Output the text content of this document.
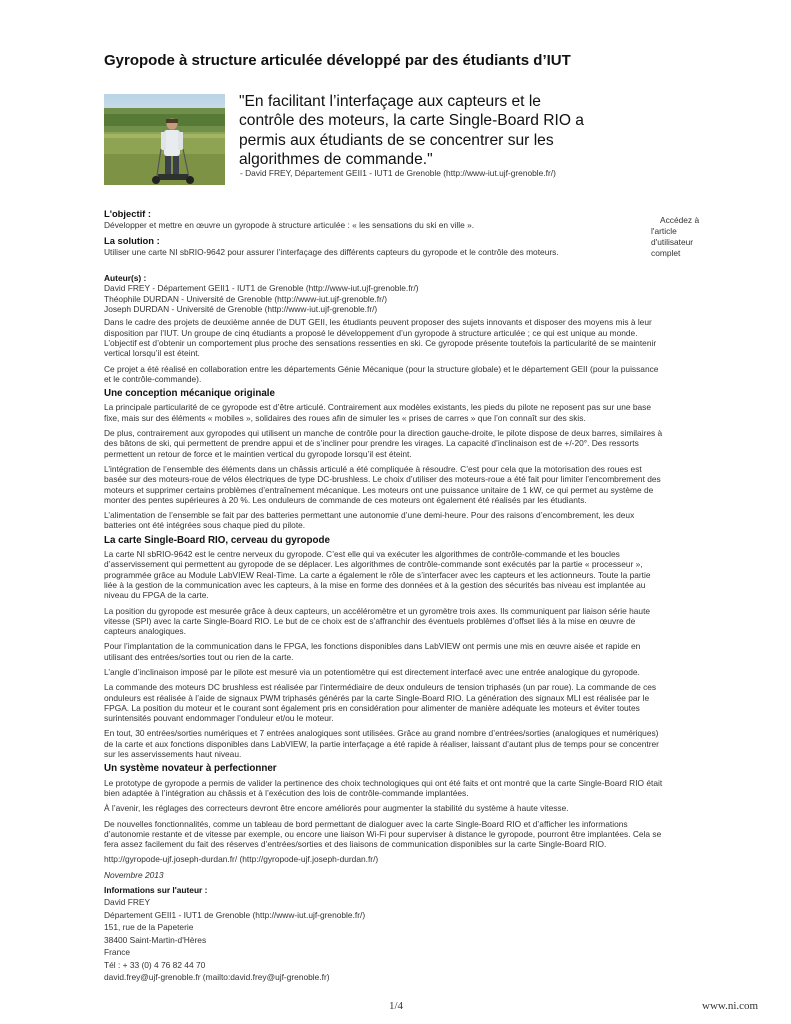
Gyropode à structure articulée développé par des étudiants d’IUT
"En facilitant l’interfaçage aux capteurs et le contrôle des moteurs, la carte Single-Board RIO a permis aux étudiants de se concentrer sur les algorithmes de commande."
- David FREY, Département GEII1 - IUT1 de Grenoble (http://www-iut.ujf-grenoble.fr/)
Accédez à
l'article
d'utilisateur
complet
L'objectif :

Développer et mettre en œuvre un gyropode à structure articulée : « les sensations du ski en ville ».

La solution :

Utiliser une carte NI sbRIO-9642 pour assurer l’interfaçage des différents capteurs du gyropode et le contrôle des moteurs.

Auteur(s) :
David FREY - Département GEII1 - IUT1 de Grenoble (http://www-iut.ujf-grenoble.fr/)
Théophile DURDAN - Université de Grenoble (http://www-iut.ujf-grenoble.fr/)
Joseph DURDAN - Université de Grenoble (http://www-iut.ujf-grenoble.fr/)

Dans le cadre des projets de deuxième année de DUT GEII, les étudiants peuvent proposer des sujets innovants et disposer des moyens mis à leur disposition par l’IUT. Un groupe de cinq étudiants a proposé le développement d’un gyropode à structure articulée ; ce qui est unique au monde. L’objectif est d’obtenir un comportement plus proche des sensations ressenties en ski. Ce gyropode présente toutefois la particularité de se maintenir vertical lorsqu’il est éteint.

Ce projet a été réalisé en collaboration entre les départements Génie Mécanique (pour la structure globale) et le département GEII (pour la puissance et le contrôle-commande).

Une conception mécanique originale

La principale particularité de ce gyropode est d’être articulé. Contrairement aux modèles existants, les pieds du pilote ne reposent pas sur une base fixe, mais sur des éléments « mobiles », solidaires des roues afin de simuler les « prises de carres » que l’on connaît sur des skis.

De plus, contrairement aux gyropodes qui utilisent un manche de contrôle pour la direction gauche-droite, le pilote dispose de deux barres, similaires à des bâtons de ski, qui permettent de prendre appui et de s’incliner pour prendre les virages. La capacité d’inclinaison est de +/-20°. Des ressorts permettent un retour de force et le maintien vertical du gyropode lorsqu’il est éteint.

L’intégration de l’ensemble des éléments dans un châssis articulé a été compliquée à résoudre. C’est pour cela que la motorisation des roues est basée sur des moteurs-roue de vélos électriques de type DC-brushless. Le choix d’utiliser des moteurs-roue a été fait pour limiter l’encombrement des moteurs et supprimer certains problèmes d’entraînement mécanique. Les moteurs ont une puissance unitaire de 1 kW, ce qui permet au système de monter des pentes supérieures à 20 %. Les onduleurs de commande de ces moteurs ont également été réalisés par les étudiants.

L’alimentation de l’ensemble se fait par des batteries permettant une autonomie d’une demi-heure. Pour des raisons d’encombrement, les deux batteries ont été intégrées sous chaque pied du pilote.

La carte Single-Board RIO, cerveau du gyropode

La carte NI sbRIO-9642 est le centre nerveux du gyropode. C’est elle qui va exécuter les algorithmes de contrôle-commande et les boucles d’asservissement qui permettent au gyropode de se déplacer. Les algorithmes de contrôle-commande sont exécutés par la partie « processeur », programmée grâce au Module LabVIEW Real-Time. La carte a également le rôle de s’interfacer avec les capteurs et les actionneurs. Toute la partie liée à la gestion de la communication avec les capteurs, à la mise en forme des données et à la gestion des sécurités bas niveau est implantée au niveau du FPGA de la carte.

La position du gyropode est mesurée grâce à deux capteurs, un accéléromètre et un gyromètre trois axes. Ils communiquent par liaison série haute vitesse (SPI) avec la carte Single-Board RIO. Le but de ce choix est de s’affranchir des éventuels problèmes d’offset liés à la mise en œuvre de capteurs analogiques.

Pour l’implantation de la communication dans le FPGA, les fonctions disponibles dans LabVIEW ont permis une mis en œuvre aisée et rapide en utilisant des entrées/sorties tout ou rien de la carte.

L’angle d’inclinaison imposé par le pilote est mesuré via un potentiomètre qui est directement interfacé avec une entrée analogique du gyropode.

La commande des moteurs DC brushless est réalisée par l’intermédiaire de deux onduleurs de tension triphasés (un par roue). La commande de ces onduleurs est réalisée à l’aide de signaux PWM triphasés générés par la carte Single-Board RIO. La génération des signaux MLI est réalisée par le FPGA. La position du moteur et le courant sont également pris en considération pour alimenter de manière adéquate les moteurs et éviter toutes surintensités pouvant endommager l’onduleur et/ou le moteur.

En tout, 30 entrées/sorties numériques et 7 entrées analogiques sont utilisées. Grâce au grand nombre d’entrées/sorties (analogiques et numériques) de la carte et aux fonctions disponibles dans LabVIEW, la partie interfaçage a été rapide à réaliser, laissant d’autant plus de temps pour se concentrer sur les asservissements haut niveau.

Un système novateur à perfectionner

Le prototype de gyropode a permis de valider la pertinence des choix technologiques qui ont été faits et ont montré que la carte Single-Board RIO était bien adaptée à l’intégration au châssis et à l’exécution des lois de contrôle-commande implantées.

À l’avenir, les réglages des correcteurs devront être encore améliorés pour augmenter la stabilité du système à haute vitesse.

De nouvelles fonctionnalités, comme un tableau de bord permettant de dialoguer avec la carte Single-Board RIO et d’afficher les informations d’autonomie restante et de vitesse par exemple, ou encore une liaison Wi-Fi pour superviser à distance le gyropode, pourront être implantées. Cela se fera assez facilement du fait des réserves d’entrées/sorties et des liaisons de communication disponibles sur la carte Single-Board RIO.

http://gyropode-ujf.joseph-durdan.fr/ (http://gyropode-ujf.joseph-durdan.fr/)

Novembre 2013

Informations sur l'auteur :
David FREY
Département GEII1 - IUT1 de Grenoble (http://www-iut.ujf-grenoble.fr/)
151, rue de la Papeterie
38400 Saint-Martin-d'Hères
France
Tél : + 33 (0) 4 76 82 44 70
david.frey@ujf-grenoble.fr (mailto:david.frey@ujf-grenoble.fr)
1/4	www.ni.com
